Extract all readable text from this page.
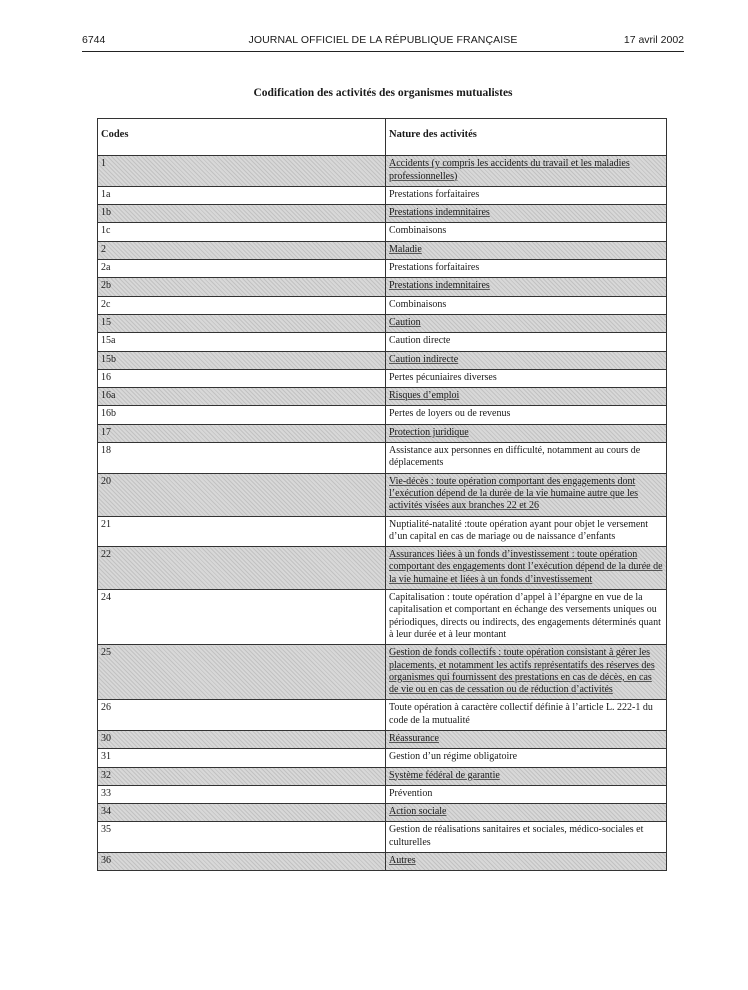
6744	JOURNAL OFFICIEL DE LA RÉPUBLIQUE FRANÇAISE	17 avril 2002
Codification des activités des organismes mutualistes
Codes	Nature des activités
1	Accidents (y compris les accidents du travail et les maladies professionnelles)
1a	Prestations forfaitaires
1b	Prestations indemnitaires
1c	Combinaisons
2	Maladie
2a	Prestations forfaitaires
2b	Prestations indemnitaires
2c	Combinaisons
15	Caution
15a	Caution directe
15b	Caution indirecte
16	Pertes pécuniaires diverses
16a	Risques d’emploi
16b	Pertes de loyers ou de revenus
17	Protection juridique
18	Assistance aux personnes en difficulté, notamment au cours de déplacements
20	Vie-décès : toute opération comportant des engagements dont l’exécution dépend de la durée de la vie humaine autre que les activités visées aux branches 22 et 26
21	Nuptialité-natalité :toute opération ayant pour objet le versement d’un capital en cas de mariage ou de naissance d’enfants
22	Assurances liées à un fonds d’investissement : toute opération comportant des engagements dont l’exécution dépend de la durée de la vie humaine et liées à un fonds d’investissement
24	Capitalisation : toute opération d’appel à l’épargne en vue de la capitalisation et comportant en échange des versements uniques ou périodiques, directs ou indirects, des engagements déterminés quant à leur durée et à leur montant
25	Gestion de fonds collectifs : toute opération consistant à gérer les placements, et notamment les actifs représentatifs des réserves des organismes qui fournissent des prestations en cas de décès, en cas de vie ou en cas de cessation ou de réduction d’activités
26	Toute opération à caractère collectif définie à l’article L. 222-1 du code de la mutualité
30	Réassurance
31	Gestion d’un régime obligatoire
32	Système fédéral de garantie
33	Prévention
34	Action sociale
35	Gestion de réalisations sanitaires et sociales, médico-sociales et culturelles
36	Autres
